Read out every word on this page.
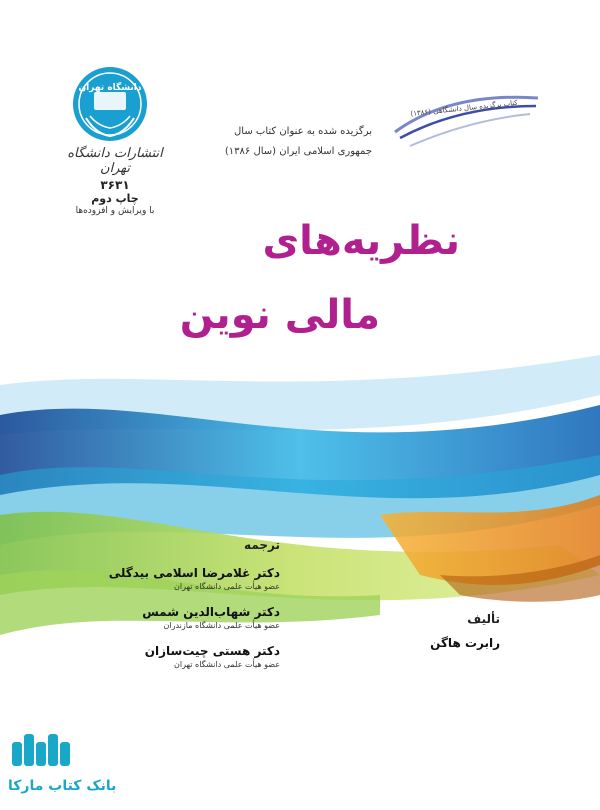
دانشگاه تهران
انتشارات دانشگاه تهران
۳۶۳۱
چاپ دوم
با ویرایش و افزوده‌ها
برگزیده شده به عنوان کتاب سال
جمهوری اسلامی ایران (سال ۱۳۸۶)
کتاب برگزیده سال دانشگاهی (۱۳۸۶)
نظریه‌های
مالی نوین
ترجمه
دکتر غلامرضا اسلامی بیدگلی
عضو هیأت علمی دانشگاه تهران
دکتر شهاب‌الدین شمس
عضو هیأت علمی دانشگاه مازندران
دکتر هستی چیت‌سازان
عضو هیأت علمی دانشگاه تهران
تألیف
رابرت هاگن
بانک کتاب مارکا
